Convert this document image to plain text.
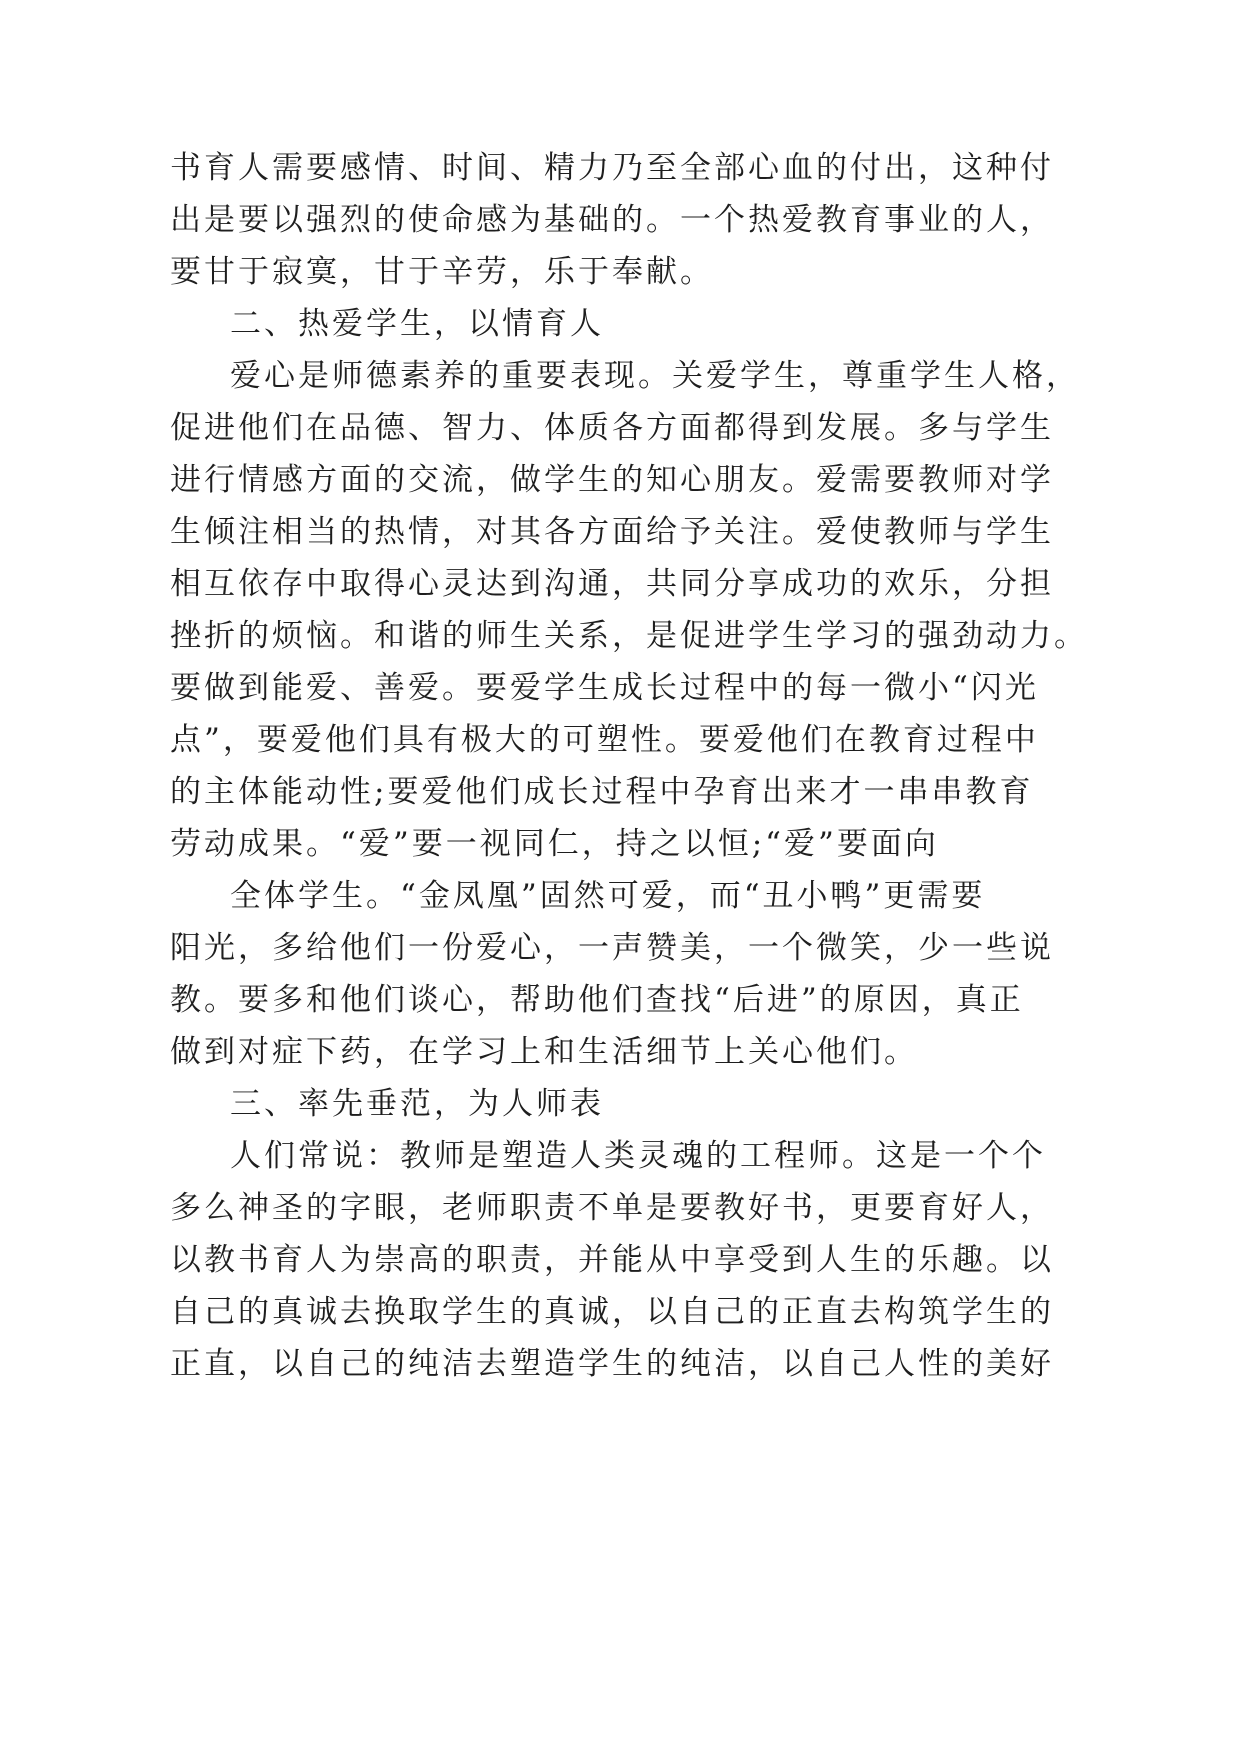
书育人需要感情、时间、精力乃至全部心血的付出，这种付
出是要以强烈的使命感为基础的。一个热爱教育事业的人，
要甘于寂寞，甘于辛劳，乐于奉献。
二、热爱学生，以情育人
爱心是师德素养的重要表现。关爱学生，尊重学生人格，
促进他们在品德、智力、体质各方面都得到发展。多与学生
进行情感方面的交流，做学生的知心朋友。爱需要教师对学
生倾注相当的热情，对其各方面给予关注。爱使教师与学生
相互依存中取得心灵达到沟通，共同分享成功的欢乐，分担
挫折的烦恼。和谐的师生关系，是促进学生学习的强劲动力。
要做到能爱、善爱。要爱学生成长过程中的每一微小“闪光
点”，要爱他们具有极大的可塑性。要爱他们在教育过程中
的主体能动性;要爱他们成长过程中孕育出来才一串串教育
劳动成果。“爱”要一视同仁，持之以恒;“爱”要面向
全体学生。“金凤凰”固然可爱，而“丑小鸭”更需要
阳光，多给他们一份爱心，一声赞美，一个微笑，少一些说
教。要多和他们谈心，帮助他们查找“后进”的原因，真正
做到对症下药，在学习上和生活细节上关心他们。
三、率先垂范，为人师表
人们常说：教师是塑造人类灵魂的工程师。这是一个个
多么神圣的字眼，老师职责不单是要教好书，更要育好人，
以教书育人为崇高的职责，并能从中享受到人生的乐趣。以
自己的真诚去换取学生的真诚，以自己的正直去构筑学生的
正直，以自己的纯洁去塑造学生的纯洁，以自己人性的美好
